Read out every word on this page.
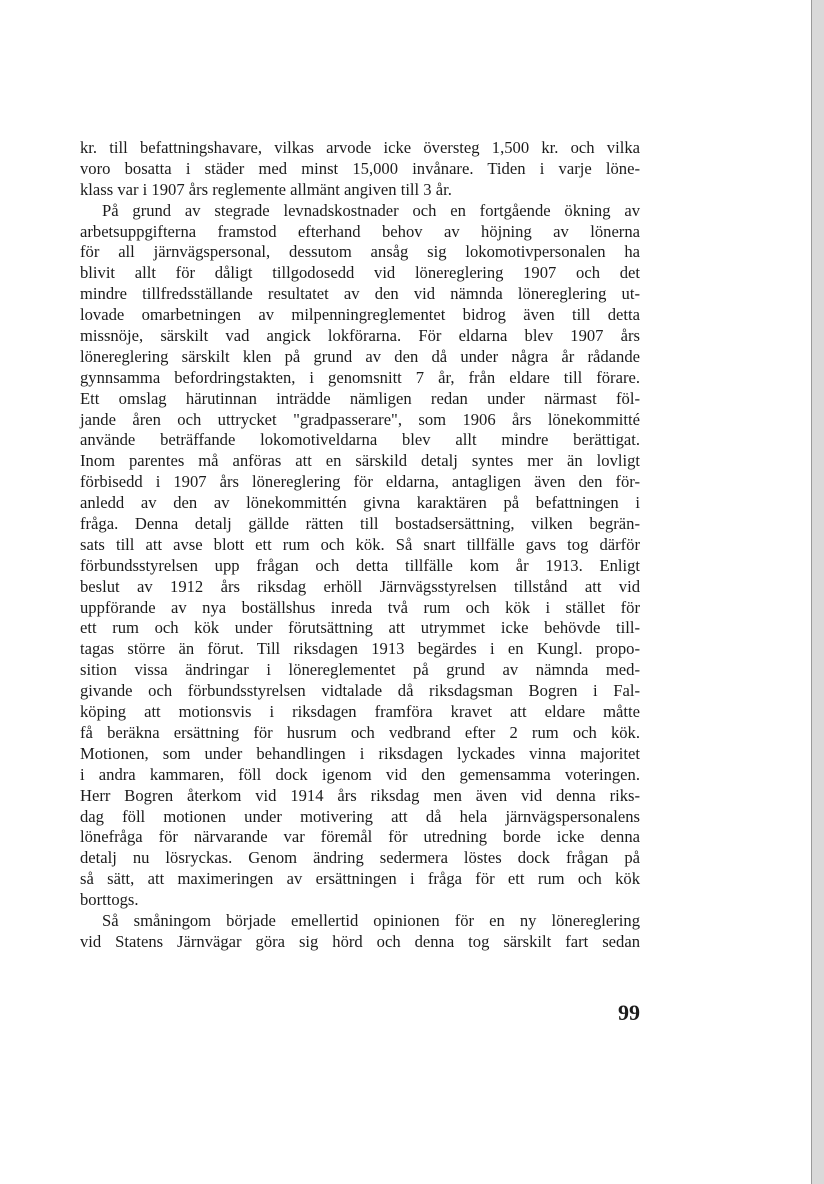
kr. till befattningshavare, vilkas arvode icke översteg 1,500 kr. och vilka
voro bosatta i städer med minst 15,000 invånare. Tiden i varje löne-
klass var i 1907 års reglemente allmänt angiven till 3 år.
På grund av stegrade levnadskostnader och en fortgående ökning av
arbetsuppgifterna framstod efterhand behov av höjning av lönerna
för all järnvägspersonal, dessutom ansåg sig lokomotivpersonalen ha
blivit allt för dåligt tillgodosedd vid lönereglering 1907 och det
mindre tillfredsställande resultatet av den vid nämnda lönereglering ut-
lovade omarbetningen av milpenningreglementet bidrog även till detta
missnöje, särskilt vad angick lokförarna. För eldarna blev 1907 års
lönereglering särskilt klen på grund av den då under några år rådande
gynnsamma befordringstakten, i genomsnitt 7 år, från eldare till förare.
Ett omslag härutinnan inträdde nämligen redan under närmast föl-
jande åren och uttrycket "gradpasserare", som 1906 års lönekommitté
använde beträffande lokomotiveldarna blev allt mindre berättigat.
Inom parentes må anföras att en särskild detalj syntes mer än lovligt
förbisedd i 1907 års lönereglering för eldarna, antagligen även den för-
anledd av den av lönekommittén givna karaktären på befattningen i
fråga. Denna detalj gällde rätten till bostadsersättning, vilken begrän-
sats till att avse blott ett rum och kök. Så snart tillfälle gavs tog därför
förbundsstyrelsen upp frågan och detta tillfälle kom år 1913. Enligt
beslut av 1912 års riksdag erhöll Järnvägsstyrelsen tillstånd att vid
uppförande av nya boställshus inreda två rum och kök i stället för
ett rum och kök under förutsättning att utrymmet icke behövde till-
tagas större än förut. Till riksdagen 1913 begärdes i en Kungl. propo-
sition vissa ändringar i lönereglementet på grund av nämnda med-
givande och förbundsstyrelsen vidtalade då riksdagsman Bogren i Fal-
köping att motionsvis i riksdagen framföra kravet att eldare måtte
få beräkna ersättning för husrum och vedbrand efter 2 rum och kök.
Motionen, som under behandlingen i riksdagen lyckades vinna majoritet
i andra kammaren, föll dock igenom vid den gemensamma voteringen.
Herr Bogren återkom vid 1914 års riksdag men även vid denna riks-
dag föll motionen under motivering att då hela järnvägspersonalens
lönefråga för närvarande var föremål för utredning borde icke denna
detalj nu lösryckas. Genom ändring sedermera löstes dock frågan på
så sätt, att maximeringen av ersättningen i fråga för ett rum och kök
borttogs.
Så småningom började emellertid opinionen för en ny lönereglering
vid Statens Järnvägar göra sig hörd och denna tog särskilt fart sedan
99
